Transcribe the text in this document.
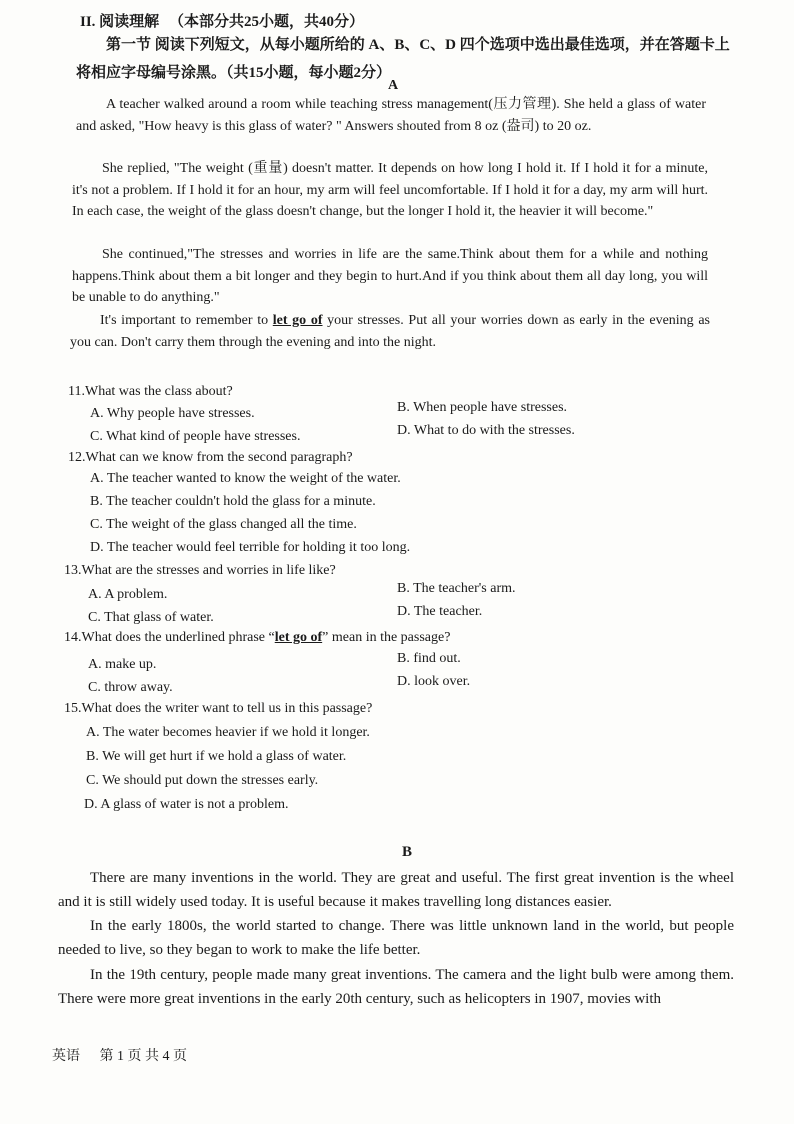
II. 阅读理解 （本部分共25小题，共40分）
第一节 阅读下列短文，从每小题所给的 A、B、C、D 四个选项中选出最佳选项，并在答题卡上
将相应字母编号涂黑。（共15小题，每小题2分）
A
A teacher walked around a room while teaching stress management(压力管理). She held a glass of water and asked, "How heavy is this glass of water? " Answers shouted from 8 oz (盎司) to 20 oz.
She replied, "The weight (重量) doesn't matter. It depends on how long I hold it. If I hold it for a minute, it's not a problem. If I hold it for an hour, my arm will feel uncomfortable. If I hold it for a day, my arm will hurt. In each case, the weight of the glass doesn't change, but the longer I hold it, the heavier it will become."
She continued,"The stresses and worries in life are the same.Think about them for a while and nothing happens.Think about them a bit longer and they begin to hurt.And if you think about them all day long, you will be unable to do anything."
It's important to remember to let go of your stresses. Put all your worries down as early in the evening as you can. Don't carry them through the evening and into the night.
11.What was the class about?
A. Why people have stresses.	B. When people have stresses.
C. What kind of people have stresses.	D. What to do with the stresses.
12.What can we know from the second paragraph?
A. The teacher wanted to know the weight of the water.
B. The teacher couldn't hold the glass for a minute.
C. The weight of the glass changed all the time.
D. The teacher would feel terrible for holding it too long.
13.What are the stresses and worries in life like?
A. A problem.	B. The teacher's arm.
C. That glass of water.	D. The teacher.
14.What does the underlined phrase “let go of” mean in the passage?
A. make up.	B. find out.
C. throw away.	D. look over.
15.What does the writer want to tell us in this passage?
A. The water becomes heavier if we hold it longer.
B. We will get hurt if we hold a glass of water.
C. We should put down the stresses early.
D. A glass of water is not a problem.
B
There are many inventions in the world. They are great and useful. The first great invention is the wheel and it is still widely used today. It is useful because it makes travelling long distances easier.
In the early 1800s, the world started to change. There was little unknown land in the world, but people needed to live, so they began to work to make the life better.
In the 19th century, people made many great inventions. The camera and the light bulb were among them. There were more great inventions in the early 20th century, such as helicopters in 1907, movies with
英语 第 1 页 共 4 页
